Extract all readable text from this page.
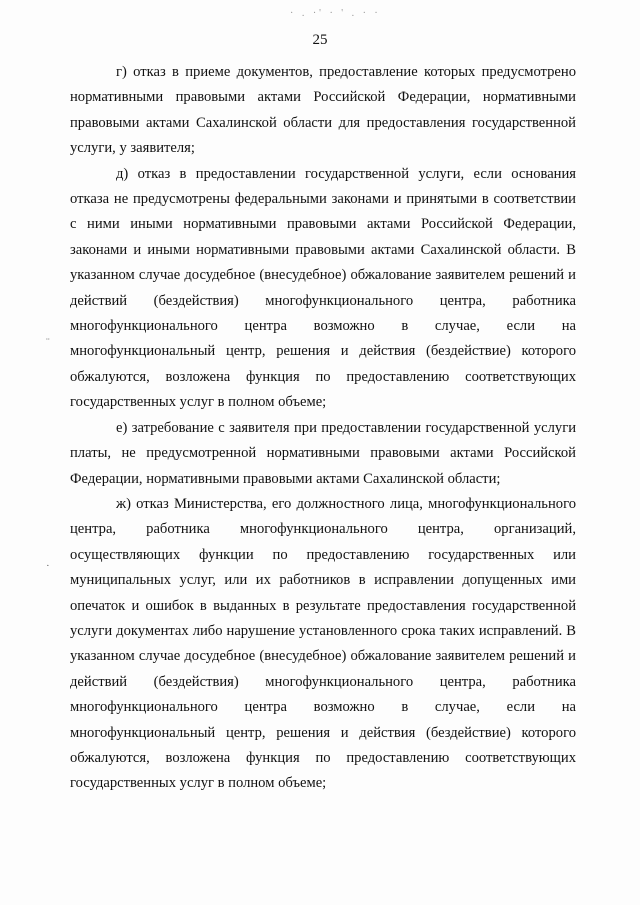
· . ·' · ' . · ·
25
¨
·

г) отказ в приеме документов, предоставление которых предусмотрено нормативными правовыми актами Российской Федерации, нормативными правовыми актами Сахалинской области для предоставления государственной услуги, у заявителя;

д) отказ в предоставлении государственной услуги, если основания отказа не предусмотрены федеральными законами и принятыми в соответствии с ними иными нормативными правовыми актами Российской Федерации, законами и иными нормативными правовыми актами Сахалинской области. В указанном случае досудебное (внесудебное) обжалование заявителем решений и действий (бездействия) многофункционального центра, работника многофункционального центра возможно в случае, если на многофункциональный центр, решения и действия (бездействие) которого обжалуются, возложена функция по предоставлению соответствующих государственных услуг в полном объеме;

е) затребование с заявителя при предоставлении государственной услуги платы, не предусмотренной нормативными правовыми актами Российской Федерации, нормативными правовыми актами Сахалинской области;

ж) отказ Министерства, его должностного лица, многофункционального центра, работника многофункционального центра, организаций, осуществляющих функции по предоставлению государственных или муниципальных услуг, или их работников в исправлении допущенных ими опечаток и ошибок в выданных в результате предоставления государственной услуги документах либо нарушение установленного срока таких исправлений. В указанном случае досудебное (внесудебное) обжалование заявителем решений и действий (бездействия) многофункционального центра, работника многофункционального центра возможно в случае, если на многофункциональный центр, решения и действия (бездействие) которого обжалуются, возложена функция по предоставлению соответствующих государственных услуг в полном объеме;
